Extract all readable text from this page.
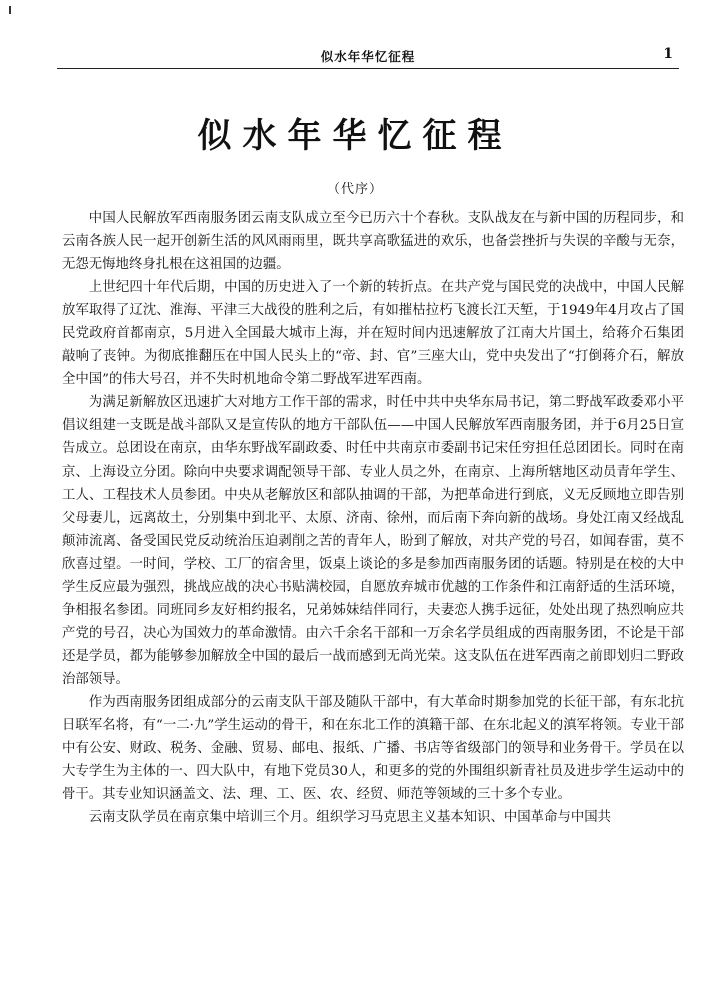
似水年华忆征程	1
似水年华忆征程
（代序）

中国人民解放军西南服务团云南支队成立至今已历六十个春秋。支队战友在与新中国的历程同步，和云南各族人民一起开创新生活的风风雨雨里，既共享高歌猛进的欢乐，也备尝挫折与失误的辛酸与无奈，无怨无悔地终身扎根在这祖国的边疆。

上世纪四十年代后期，中国的历史进入了一个新的转折点。在共产党与国民党的决战中，中国人民解放军取得了辽沈、淮海、平津三大战役的胜利之后，有如摧枯拉朽飞渡长江天堑，于1949年4月攻占了国民党政府首都南京，5月进入全国最大城市上海，并在短时间内迅速解放了江南大片国土，给蒋介石集团敲响了丧钟。为彻底推翻压在中国人民头上的“帝、封、官”三座大山，党中央发出了“打倒蒋介石，解放全中国”的伟大号召，并不失时机地命令第二野战军进军西南。

为满足新解放区迅速扩大对地方工作干部的需求，时任中共中央华东局书记，第二野战军政委邓小平倡议组建一支既是战斗部队又是宣传队的地方干部队伍——中国人民解放军西南服务团，并于6月25日宣告成立。总团设在南京，由华东野战军副政委、时任中共南京市委副书记宋任穷担任总团团长。同时在南京、上海设立分团。除向中央要求调配领导干部、专业人员之外，在南京、上海所辖地区动员青年学生、工人、工程技术人员参团。中央从老解放区和部队抽调的干部，为把革命进行到底，义无反顾地立即告别父母妻儿，远离故土，分别集中到北平、太原、济南、徐州，而后南下奔向新的战场。身处江南又经战乱颠沛流离、备受国民党反动统治压迫剥削之苦的青年人，盼到了解放，对共产党的号召，如闻春雷，莫不欣喜过望。一时间，学校、工厂的宿舍里，饭桌上谈论的多是参加西南服务团的话题。特别是在校的大中学生反应最为强烈，挑战应战的决心书贴满校园，自愿放弃城市优越的工作条件和江南舒适的生活环境，争相报名参团。同班同乡友好相约报名，兄弟姊妹结伴同行，夫妻恋人携手远征，处处出现了热烈响应共产党的号召，决心为国效力的革命激情。由六千余名干部和一万余名学员组成的西南服务团，不论是干部还是学员，都为能够参加解放全中国的最后一战而感到无尚光荣。这支队伍在进军西南之前即划归二野政治部领导。

作为西南服务团组成部分的云南支队干部及随队干部中，有大革命时期参加党的长征干部，有东北抗日联军名将，有“一二·九”学生运动的骨干，和在东北工作的滇籍干部、在东北起义的滇军将领。专业干部中有公安、财政、税务、金融、贸易、邮电、报纸、广播、书店等省级部门的领导和业务骨干。学员在以大专学生为主体的一、四大队中，有地下党员30人，和更多的党的外围组织新青社员及进步学生运动中的骨干。其专业知识涵盖文、法、理、工、医、农、经贸、师范等领域的三十多个专业。

云南支队学员在南京集中培训三个月。组织学习马克思主义基本知识、中国革命与中国共
